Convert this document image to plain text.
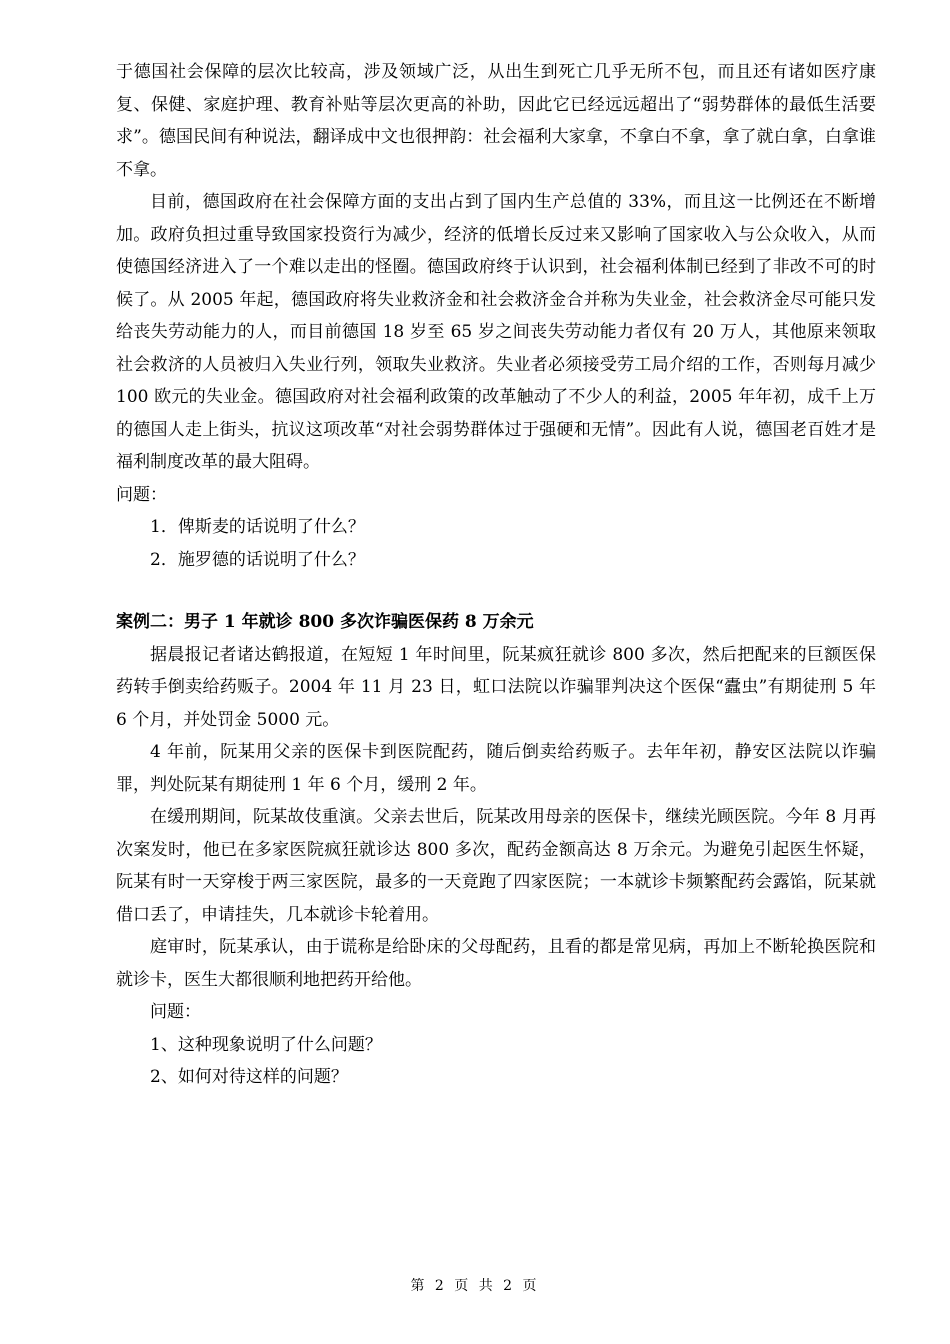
于德国社会保障的层次比较高，涉及领域广泛，从出生到死亡几乎无所不包，而且还有诸如医疗康复、保健、家庭护理、教育补贴等层次更高的补助，因此它已经远远超出了“弱势群体的最低生活要求”。德国民间有种说法，翻译成中文也很押韵：社会福利大家拿，不拿白不拿，拿了就白拿，白拿谁不拿。

目前，德国政府在社会保障方面的支出占到了国内生产总值的 33%，而且这一比例还在不断增加。政府负担过重导致国家投资行为减少，经济的低增长反过来又影响了国家收入与公众收入，从而使德国经济进入了一个难以走出的怪圈。德国政府终于认识到，社会福利体制已经到了非改不可的时候了。从 2005 年起，德国政府将失业救济金和社会救济金合并称为失业金，社会救济金尽可能只发给丧失劳动能力的人，而目前德国 18 岁至 65 岁之间丧失劳动能力者仅有 20 万人，其他原来领取社会救济的人员被归入失业行列，领取失业救济。失业者必须接受劳工局介绍的工作，否则每月减少 100 欧元的失业金。德国政府对社会福利政策的改革触动了不少人的利益，2005 年年初，成千上万的德国人走上街头，抗议这项改革“对社会弱势群体过于强硬和无情”。因此有人说，德国老百姓才是福利制度改革的最大阻碍。

问题：

1．俾斯麦的话说明了什么？

2．施罗德的话说明了什么？

案例二：男子 1 年就诊 800 多次诈骗医保药 8 万余元

据晨报记者诸达鹤报道，在短短 1 年时间里，阮某疯狂就诊 800 多次，然后把配来的巨额医保药转手倒卖给药贩子。2004 年 11 月 23 日，虹口法院以诈骗罪判决这个医保“蠹虫”有期徒刑 5 年 6 个月，并处罚金 5000 元。

4 年前，阮某用父亲的医保卡到医院配药，随后倒卖给药贩子。去年年初，静安区法院以诈骗罪，判处阮某有期徒刑 1 年 6 个月，缓刑 2 年。

在缓刑期间，阮某故伎重演。父亲去世后，阮某改用母亲的医保卡，继续光顾医院。今年 8 月再次案发时，他已在多家医院疯狂就诊达 800 多次，配药金额高达 8 万余元。为避免引起医生怀疑，阮某有时一天穿梭于两三家医院，最多的一天竟跑了四家医院；一本就诊卡频繁配药会露馅，阮某就借口丢了，申请挂失，几本就诊卡轮着用。

庭审时，阮某承认，由于谎称是给卧床的父母配药，且看的都是常见病，再加上不断轮换医院和就诊卡，医生大都很顺利地把药开给他。

问题：

1、这种现象说明了什么问题？

2、如何对待这样的问题？

第 2 页 共 2 页
